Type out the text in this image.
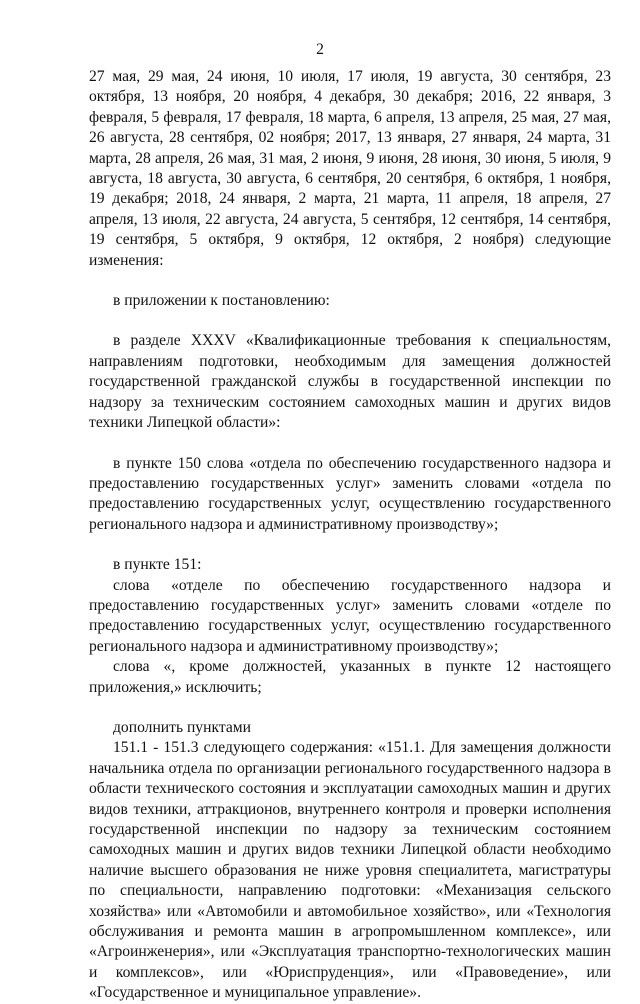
2

27 мая, 29 мая, 24 июня, 10 июля, 17 июля, 19 августа, 30 сентября, 23 октября, 13 ноября, 20 ноября, 4 декабря, 30 декабря; 2016, 22 января, 3 февраля, 5 февраля, 17 февраля, 18 марта, 6 апреля, 13 апреля, 25 мая, 27 мая, 26 августа, 28 сентября, 02 ноября; 2017, 13 января, 27 января, 24 марта, 31 марта, 28 апреля, 26 мая, 31 мая, 2 июня, 9 июня, 28 июня, 30 июня, 5 июля, 9 августа, 18 августа, 30 августа, 6 сентября, 20 сентября, 6 октября, 1 ноября, 19 декабря; 2018, 24 января, 2 марта, 21 марта, 11 апреля, 18 апреля, 27 апреля, 13 июля, 22 августа, 24 августа, 5 сентября, 12 сентября, 14 сентября, 19 сентября, 5 октября, 9 октября, 12 октября, 2 ноября) следующие изменения:

в приложении к постановлению:

в разделе XXXV «Квалификационные требования к специальностям, направлениям подготовки, необходимым для замещения должностей государственной гражданской службы в государственной инспекции по надзору за техническим состоянием самоходных машин и других видов техники Липецкой области»:

в пункте 150 слова «отдела по обеспечению государственного надзора и предоставлению государственных услуг» заменить словами «отдела по предоставлению государственных услуг, осуществлению государственного регионального надзора и административному производству»;

в пункте 151:

слова «отделе по обеспечению государственного надзора и предоставлению государственных услуг» заменить словами «отделе по предоставлению государственных услуг, осуществлению государственного регионального надзора и административному производству»;

слова «, кроме должностей, указанных в пункте 12 настоящего приложения,» исключить;

дополнить пунктами

151.1 - 151.3 следующего содержания: «151.1. Для замещения должности начальника отдела по организации регионального государственного надзора в области технического состояния и эксплуатации самоходных машин и других видов техники, аттракционов, внутреннего контроля и проверки исполнения государственной инспекции по надзору за техническим состоянием самоходных машин и других видов техники Липецкой области необходимо наличие высшего образования не ниже уровня специалитета, магистратуры по специальности, направлению подготовки: «Механизация сельского хозяйства» или «Автомобили и автомобильное хозяйство», или «Технология обслуживания и ремонта машин в агропромышленном комплексе», или «Агроинженерия», или «Эксплуатация транспортно-технологических машин и комплексов», или «Юриспруденция», или «Правоведение», или «Государственное и муниципальное управление».
